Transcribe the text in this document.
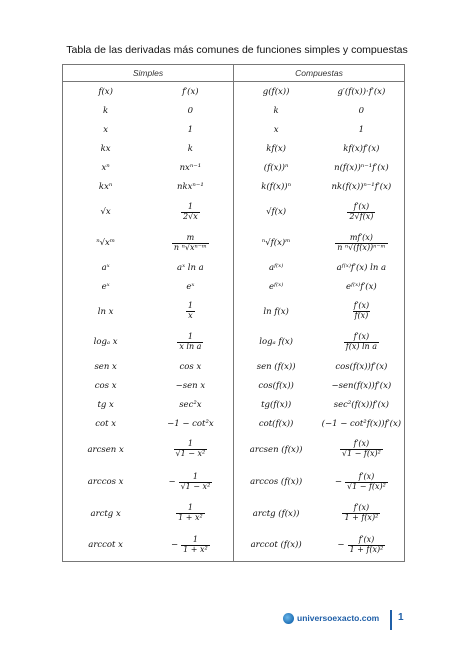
Tabla de las derivadas más comunes de funciones simples y compuestas
Simples	Compuestas
f(x)	f′(x)	g(f(x))	g′(f(x))·f′(x)
k	0	k	0
x	1	x	1
kx	k	kf(x)	kf(x)f′(x)
xⁿ	nxⁿ⁻¹	(f(x))ⁿ	n(f(x))ⁿ⁻¹f′(x)
kxⁿ	nkxⁿ⁻¹	k(f(x))ⁿ	nk(f(x))ⁿ⁻¹f′(x)
√x	$\frac{1}{2√x}$	√f(x)	$\frac{f'(x)}{2√f(x)}$
ⁿ√xᵐ	$\frac{m}{\text{n ⁿ√xⁿ⁻ᵐ}}$	ⁿ√f(x)ᵐ	$\frac{mf'(x)}{\text{n ⁿ√(f(x))ⁿ⁻ᵐ}}$
aˣ	aˣ ln a	aᶠ⁽ˣ⁾	aᶠ⁽ˣ⁾f′(x) ln a
eˣ	eˣ	eᶠ⁽ˣ⁾	eᶠ⁽ˣ⁾f′(x)
ln x	$\frac{1}{x}$	ln f(x)	$\frac{f'(x)}{f(x)}$
logₐ x	$\frac{1}{\text{x ln a}}$	logₐ f(x)	$\frac{f'(x)}{\text{f(x) ln a}}$
sen x	cos x	sen (f(x))	cos(f(x))f′(x)
cos x	−sen x	cos(f(x))	−sen(f(x))f′(x)
tg x	sec²x	tg(f(x))	sec²(f(x))f′(x)
cot x	−1 − cot²x	cot(f(x))	(−1 − cot²f(x))f′(x)
arcsen x	$\frac{1}{\text{√1 − x²}}$	arcsen (f(x))	$\frac{f'(x)}{\text{√1 − f(x)²}}$
arccos x	− $\frac{1}{\text{√1 − x²}}$	arccos (f(x))	− $\frac{f'(x)}{\text{√1 − f(x)²}}$
arctg x	$\frac{1}{\text{1 + x²}}$	arctg (f(x))	$\frac{f'(x)}{\text{1 + f(x)²}}$
arccot x	− $\frac{1}{\text{1 + x²}}$	arccot (f(x))	− $\frac{f'(x)}{\text{1 + f(x)²}}$
universoexacto.com 1
